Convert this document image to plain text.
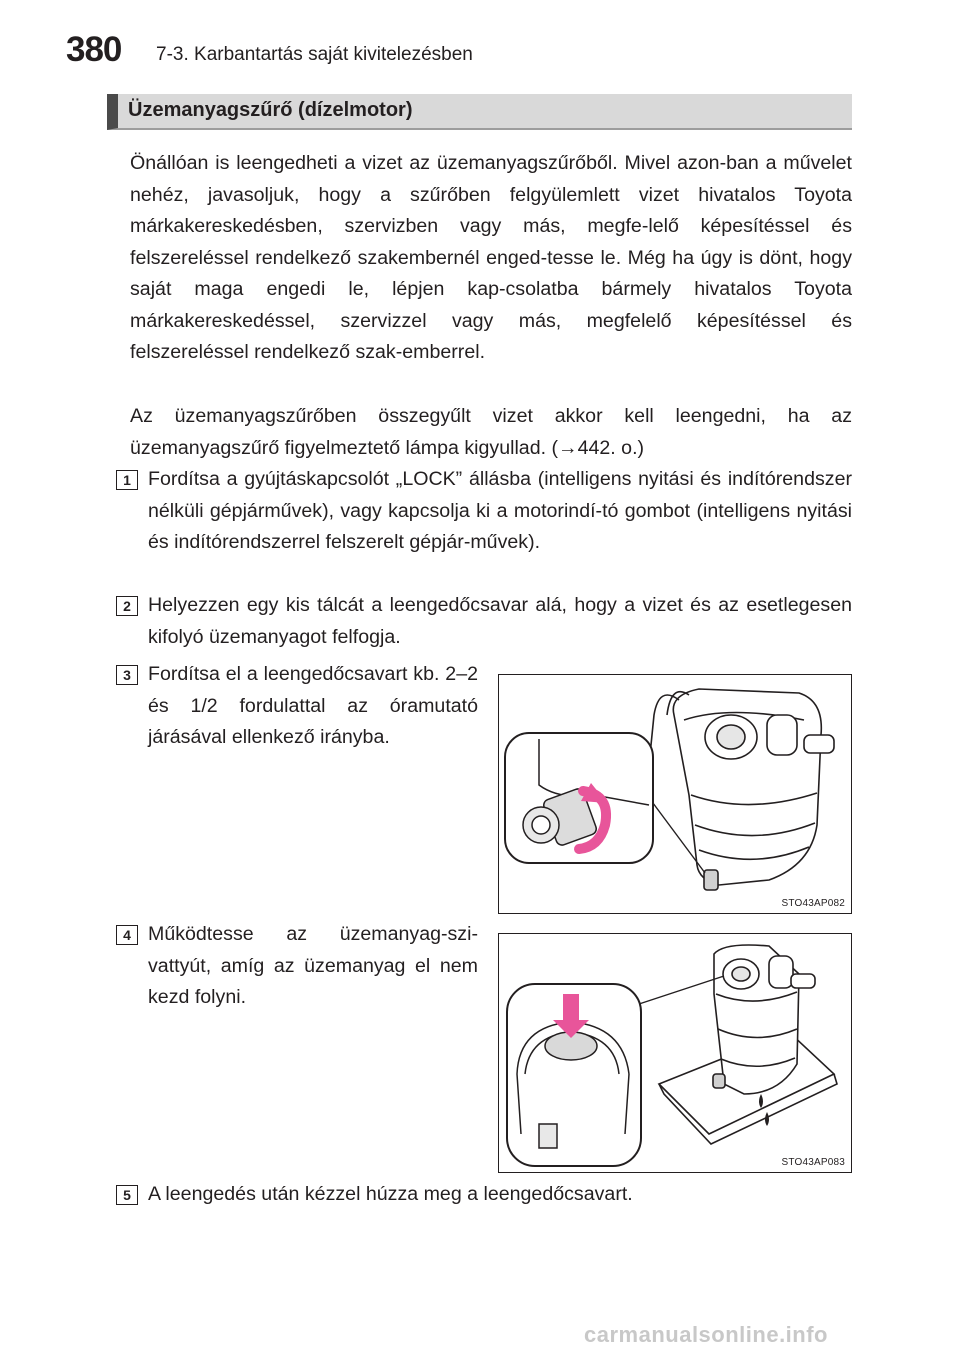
380 7-3. Karbantartás saját kivitelezésben
Üzemanyagszűrő (dízelmotor)

Önállóan is leengedheti a vizet az üzemanyagszűrőből. Mivel azon-ban a művelet nehéz, javasoljuk, hogy a szűrőben felgyülemlett vizet hivatalos Toyota márkakereskedésben, szervizben vagy más, megfe-lelő képesítéssel és felszereléssel rendelkező szakembernél enged-tesse le. Még ha úgy is dönt, hogy saját maga engedi le, lépjen kap-csolatba bármely hivatalos Toyota márkakereskedéssel, szervizzel vagy más, megfelelő képesítéssel és felszereléssel rendelkező szak-emberrel.

Az üzemanyagszűrőben összegyűlt vizet akkor kell leengedni, ha az üzemanyagszűrő figyelmeztető lámpa kigyullad. (→442. o.)

1 Fordítsa a gyújtáskapcsolót „LOCK” állásba (intelligens nyitási és indítórendszer nélküli gépjárművek), vagy kapcsolja ki a motorindí-tó gombot (intelligens nyitási és indítórendszerrel felszerelt gépjár-művek).

2 Helyezzen egy kis tálcát a leengedőcsavar alá, hogy a vizet és az esetlegesen kifolyó üzemanyagot felfogja.

3 Fordítsa el a leengedőcsavart kb. 2–2 és 1/2 fordulattal az óramutató járásával ellenkező irányba.

STO43AP082
4 Működtesse az üzemanyag-szi-vattyút, amíg az üzemanyag el nem kezd folyni.

STO43AP083
5 A leengedés után kézzel húzza meg a leengedőcsavart.

carmanualsonline.info
